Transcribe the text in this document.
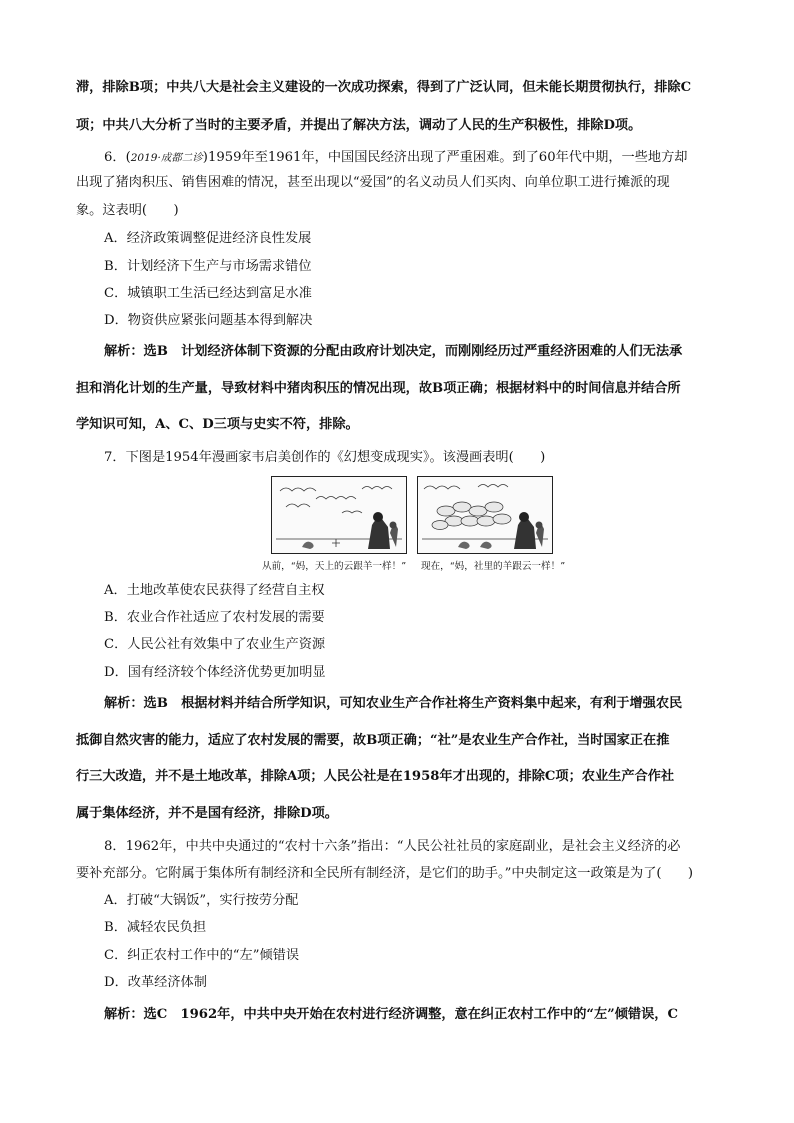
滞，排除B项；中共八大是社会主义建设的一次成功探索，得到了广泛认同，但未能长期贯彻执行，排除C
项；中共八大分析了当时的主要矛盾，并提出了解决方法，调动了人民的生产积极性，排除D项。
6．(2019·成都二诊)1959年至1961年，中国国民经济出现了严重困难。到了60年代中期，一些地方却
出现了猪肉积压、销售困难的情况，甚至出现以“爱国”的名义动员人们买肉、向单位职工进行摊派的现
象。这表明(　　)
A．经济政策调整促进经济良性发展
B．计划经济下生产与市场需求错位
C．城镇职工生活已经达到富足水准
D．物资供应紧张问题基本得到解决
解析：选B　计划经济体制下资源的分配由政府计划决定，而刚刚经历过严重经济困难的人们无法承
担和消化计划的生产量，导致材料中猪肉积压的情况出现，故B项正确；根据材料中的时间信息并结合所
学知识可知，A、C、D三项与史实不符，排除。
7．下图是1954年漫画家韦启美创作的《幻想变成现实》。该漫画表明(　　)
从前，“妈，天上的云跟羊一样！” 现在，“妈，社里的羊跟云一样！”
A．土地改革使农民获得了经营自主权
B．农业合作社适应了农村发展的需要
C．人民公社有效集中了农业生产资源
D．国有经济较个体经济优势更加明显
解析：选B　根据材料并结合所学知识，可知农业生产合作社将生产资料集中起来，有利于增强农民
抵御自然灾害的能力，适应了农村发展的需要，故B项正确；“社”是农业生产合作社，当时国家正在推
行三大改造，并不是土地改革，排除A项；人民公社是在1958年才出现的，排除C项；农业生产合作社
属于集体经济，并不是国有经济，排除D项。
8．1962年，中共中央通过的“农村十六条”指出：“人民公社社员的家庭副业，是社会主义经济的必
要补充部分。它附属于集体所有制经济和全民所有制经济，是它们的助手。”中央制定这一政策是为了(　　)
A．打破“大锅饭”，实行按劳分配
B．减轻农民负担
C．纠正农村工作中的“左”倾错误
D．改革经济体制
解析：选C　1962年，中共中央开始在农村进行经济调整，意在纠正农村工作中的“左”倾错误，C
